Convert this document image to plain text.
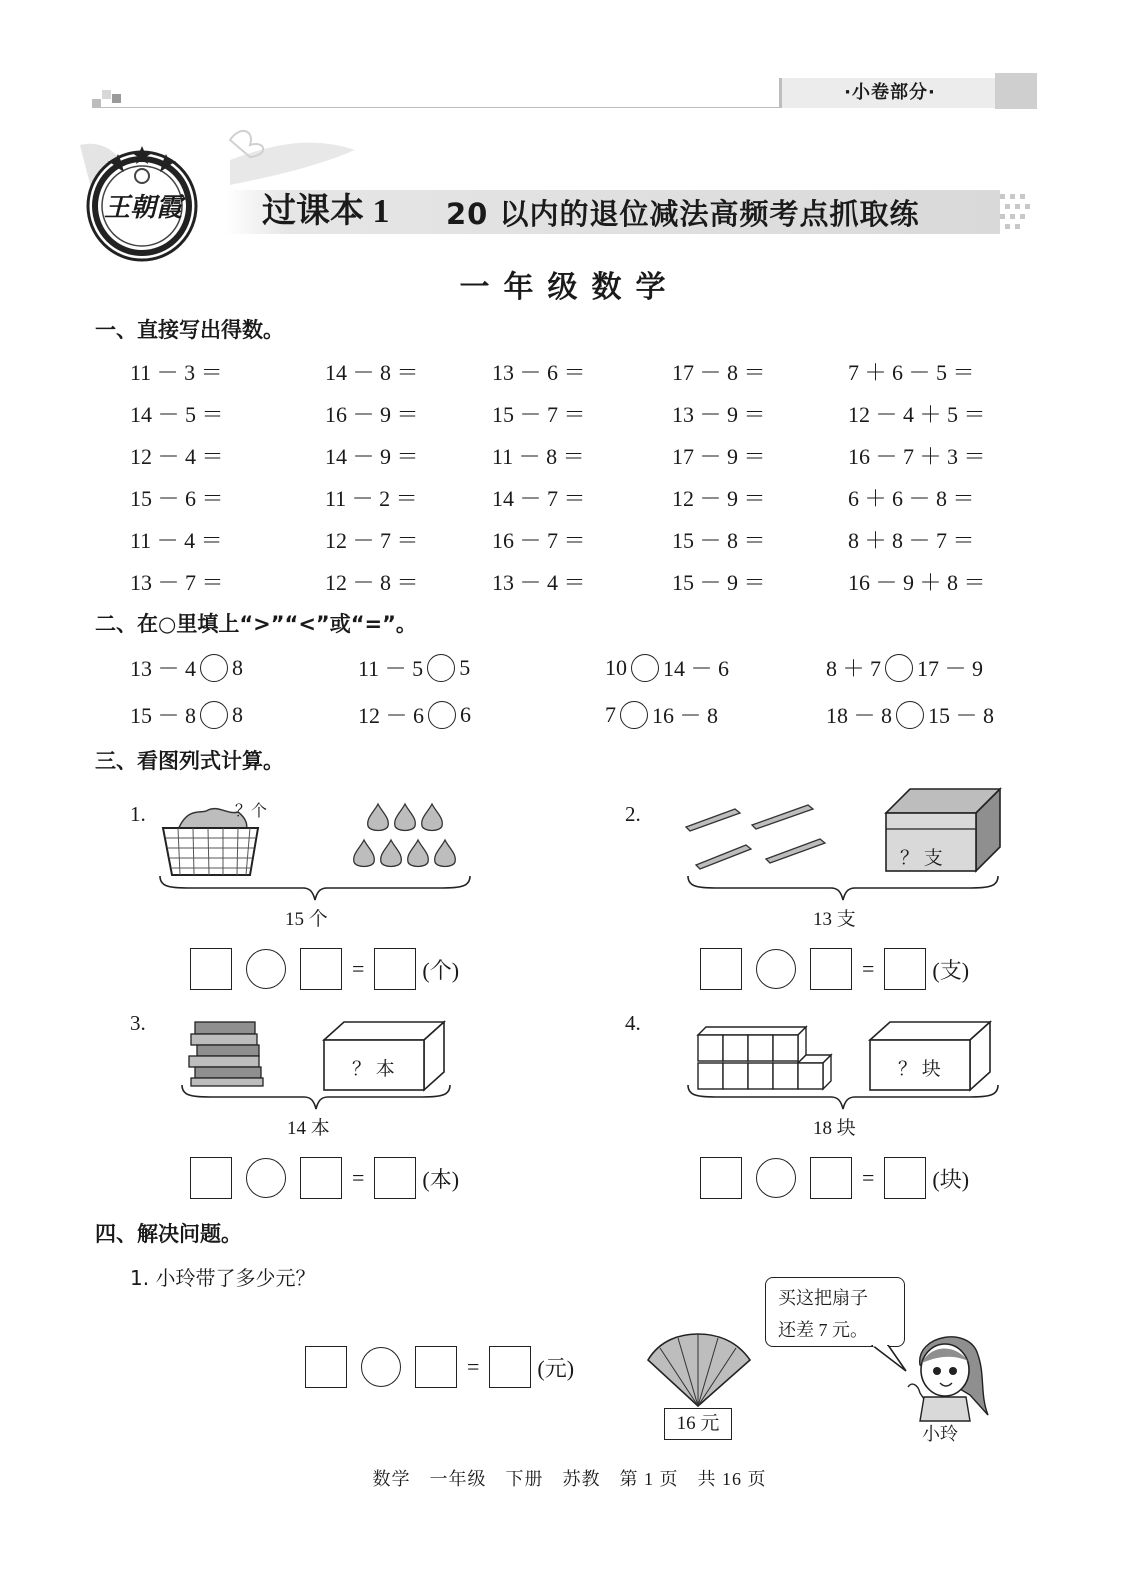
·小卷部分·
王朝霞 过课本 1 20 以内的退位减法高频考点抓取练
一年级数学
一、直接写出得数。
11 － 3 ＝	14 － 8 ＝	13 － 6 ＝	17 － 8 ＝	7 ＋ 6 － 5 ＝
14 － 5 ＝	16 － 9 ＝	15 － 7 ＝	13 － 9 ＝	12 － 4 ＋ 5 ＝
12 － 4 ＝	14 － 9 ＝	11 － 8 ＝	17 － 9 ＝	16 － 7 ＋ 3 ＝
15 － 6 ＝	11 － 2 ＝	14 － 7 ＝	12 － 9 ＝	6 ＋ 6 － 8 ＝
11 － 4 ＝	12 － 7 ＝	16 － 7 ＝	15 － 8 ＝	8 ＋ 8 － 7 ＝
13 － 7 ＝	12 － 8 ＝	13 － 4 ＝	15 － 9 ＝	16 － 9 ＋ 8 ＝
二、在○里填上“>”“<”或“=”。
13 － 4 8	11 － 5 5	10 14 － 6	8 ＋ 7 17 － 9
15 － 8 8	12 － 6 6	7 16 － 8	18 － 8 15 － 8
三、看图列式计算。
1.	？个
15 个
=	(个)
2.
？ 支
13 支
=	(支)
3.
？ 本
14 本
=	(本)
4.
？ 块
18 块
=	(块)
四、解决问题。
1. 小玲带了多少元？
=	(元)
16 元
买这把扇子
还差 7 元。
小玲
数学　一年级　下册　苏教　第 1 页　共 16 页
